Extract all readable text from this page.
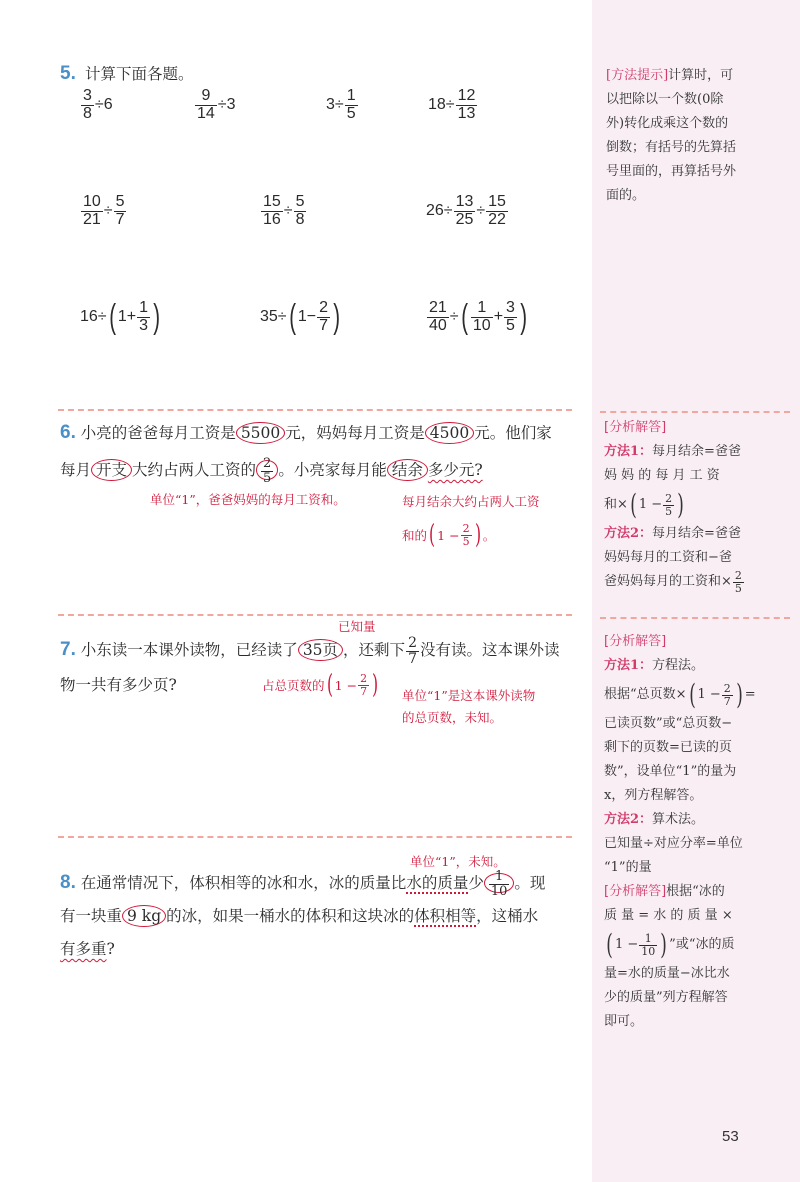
5. 计算下面各题。
$\frac{3}{8} \div 6$	$\frac{9}{14} \div 3$	$3\div \frac{1}{5}$	$18\div \frac{12}{13}$
$\frac{10}{21} \div \frac{5}{7}$	$\frac{15}{16} \div \frac{5}{8}$	$26\div \frac{13}{25} \div \frac{15}{22}$
16÷ ( $1+ \frac{1}{3}$ )	35÷ ( $1- \frac{2}{7}$ )	$\frac{21}{40}$ ÷ ( $\frac{1}{10} + \frac{3}{5}$ )
6. 小亮的爸爸每月工资是 5500 元，妈妈每月工资是 4500 元。他们家
每月 开支 大约占两人工资的 $\frac{2}{5}$ 。小亮家每月能 结余 多少元?
单位“1”，爸爸妈妈的每月工资和。	每月结余大约占两人工资
和的 ( $1 - \frac{2}{5}$ ) 。
已知量
7. 小东读一本课外读物，已经读了 35页 ，还剩下 $\frac{2}{7}$ 没有读。这本课外读
物一共有多少页?	占总页数的 ( $1 - \frac{2}{7}$ ) 单位“1”是这本课外读物
的总页数，未知。
单位“1”，未知。
8. 在通常情况下，体积相等的冰和水，冰的质量比水的质量少 $\frac{1}{10}$ 。现
有一块重 9 kg 的冰，如果一桶水的体积和这块冰的体积相等，这桶水
有多重?
[方法提示]计算时，可
以把除以一个数(0除
外)转化成乘这个数的
倒数；有括号的先算括
号里面的，再算括号外
面的。
[分析解答]
方法1：每月结余=爸爸
妈 妈 的 每 月 工 资
和× ( $1 - \frac{2}{5}$ )
方法2：每月结余=爸爸
妈妈每月的工资和−爸
爸妈妈每月的工资和× $\frac{2}{5}$
[分析解答]
方法1：方程法。
根据“总页数× ( $1 - \frac{2}{7}$ ) =
已读页数”或“总页数−
剩下的页数=已读的页
数”，设单位“1”的量为
x，列方程解答。
方法2：算术法。
已知量÷对应分率=单位
“1”的量
[分析解答]根据“冰的
质 量 = 水 的 质 量 ×
( $1 - \frac{1}{10}$ ) ”或“冰的质
量=水的质量−冰比水
少的质量”列方程解答
即可。
53
